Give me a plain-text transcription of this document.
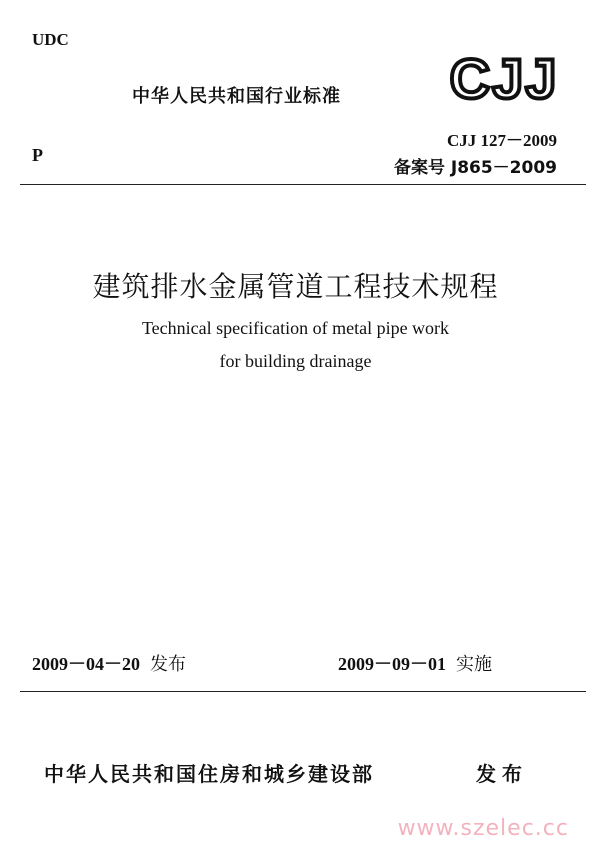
UDC
中华人民共和国行业标准 CJJ
P
CJJ 127－2009
备案号 J865－2009
建筑排水金属管道工程技术规程
Technical specification of metal pipe work
for building drainage
2009－04－20 发布	2009－09－01 实施
中华人民共和国住房和城乡建设部	发布
www.szelec.cc
